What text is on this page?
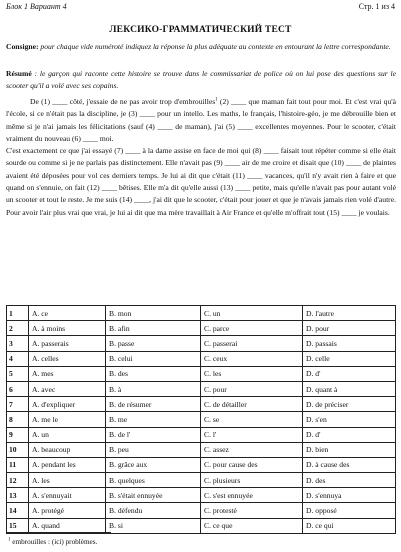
Блок 1 Вариант 4	Стр. 1 из 4
ЛЕКСИКО-ГРАММАТИЧЕСКИЙ ТЕСТ
Consigne: pour chaque vide numéroté indiquez la réponse la plus adéquate au contexte en entourant la lettre correspondante.
Résumé : le garçon qui raconte cette histoire se trouve dans le commissariat de police où on lui pose des questions sur le scooter qu'il a volé avec ses copains.

De (1) ____ côté, j'essaie de ne pas avoir trop d'embrouilles$^1$ (2) ____ que maman fait tout pour moi. Et c'est vrai qu'à l'école, si ce n'était pas la discipline, je (3) ____ pour un intello. Les maths, le français, l'histoire-géo, je me débrouille bien et même si je n'ai jamais les félicitations (sauf (4) ____ de maman), j'ai (5) ____ excellentes moyennes. Pour le scooter, c'était vraiment du nouveau (6) ____ moi.

C'est exactement ce que j'ai essayé (7) ____ à la dame assise en face de moi qui (8) ____ faisait tout répéter comme si elle était sourde ou comme si je ne parlais pas distinctement. Elle n'avait pas (9) ____ air de me croire et disait que (10) ____ de plaintes avaient été déposées pour vol ces derniers temps. Je lui ai dit que c'était (11) ____ vacances, qu'il n'y avait rien à faire et que quand on s'ennuie, on fait (12) ____ bêtises. Elle m'a dit qu'elle aussi (13) ____ petite, mais qu'elle n'avait pas pour autant volé un scooter et tout le reste. Je me suis (14) ____, j'ai dit que le scooter, c'était pour jouer et que je n'avais jamais rien volé d'autre. Pour avoir l'air plus vrai que vrai, je lui ai dit que ma mère travaillait à Air France et qu'elle m'offrait tout (15) ____ je voulais.

1	A. ce	B. mon	C. un	D. l'autre
2	A. à moins	B. afin	C. parce	D. pour
3	A. passerais	B. passe	C. passerai	D. passais
4	A. celles	B. celui	C. ceux	D. celle
5	A. mes	B. des	C. les	D. d'
6	A. avec	B. à	C. pour	D. quant à
7	A. d'expliquer	B. de résumer	C. de détailler	D. de préciser
8	A. me le	B. me	C. se	D. s'en
9	A. un	B. de l'	C. l'	D. d'
10	A. beaucoup	B. peu	C. assez	D. bien
11	A. pendant les	B. grâce aux	C. pour cause des	D. à cause des
12	A. les	B. quelques	C. plusieurs	D. des
13	A. s'ennuyait	B. s'était ennuyée	C. s'est ennuyée	D. s'ennuya
14	A. protégé	B. défendu	C. protesté	D. opposé
15	A. quand	B. si	C. ce que	D. ce qui
$^1$ embrouilles : (ici) problèmes.
